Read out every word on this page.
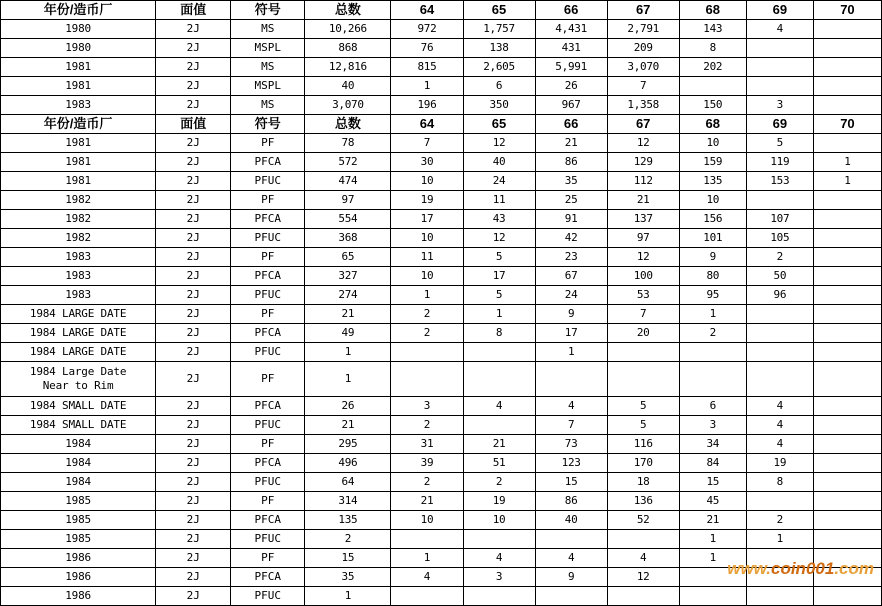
年份/造币厂	面值	符号	总数	64	65	66	67	68	69	70
1980	2J	MS	10,266	972	1,757	4,431	2,791	143	4	
1980	2J	MSPL	868	76	138	431	209	8		
1981	2J	MS	12,816	815	2,605	5,991	3,070	202		
1981	2J	MSPL	40	1	6	26	7			
1983	2J	MS	3,070	196	350	967	1,358	150	3	
年份/造币厂	面值	符号	总数	64	65	66	67	68	69	70
1981	2J	PF	78	7	12	21	12	10	5	
1981	2J	PFCA	572	30	40	86	129	159	119	1
1981	2J	PFUC	474	10	24	35	112	135	153	1
1982	2J	PF	97	19	11	25	21	10		
1982	2J	PFCA	554	17	43	91	137	156	107	
1982	2J	PFUC	368	10	12	42	97	101	105	
1983	2J	PF	65	11	5	23	12	9	2	
1983	2J	PFCA	327	10	17	67	100	80	50	
1983	2J	PFUC	274	1	5	24	53	95	96	
1984 LARGE DATE	2J	PF	21	2	1	9	7	1		
1984 LARGE DATE	2J	PFCA	49	2	8	17	20	2		
1984 LARGE DATE	2J	PFUC	1			1				

1984 Large Date
Near to Rim	2J	PF	1							
1984 SMALL DATE	2J	PFCA	26	3	4	4	5	6	4	
1984 SMALL DATE	2J	PFUC	21	2		7	5	3	4	
1984	2J	PF	295	31	21	73	116	34	4	
1984	2J	PFCA	496	39	51	123	170	84	19	
1984	2J	PFUC	64	2	2	15	18	15	8	
1985	2J	PF	314	21	19	86	136	45		
1985	2J	PFCA	135	10	10	40	52	21	2	
1985	2J	PFUC	2					1	1	
1986	2J	PF	15	1	4	4	4	1		
1986	2J	PFCA	35	4	3	9	12			
1986	2J	PFUC	1							
www.coin001.com
